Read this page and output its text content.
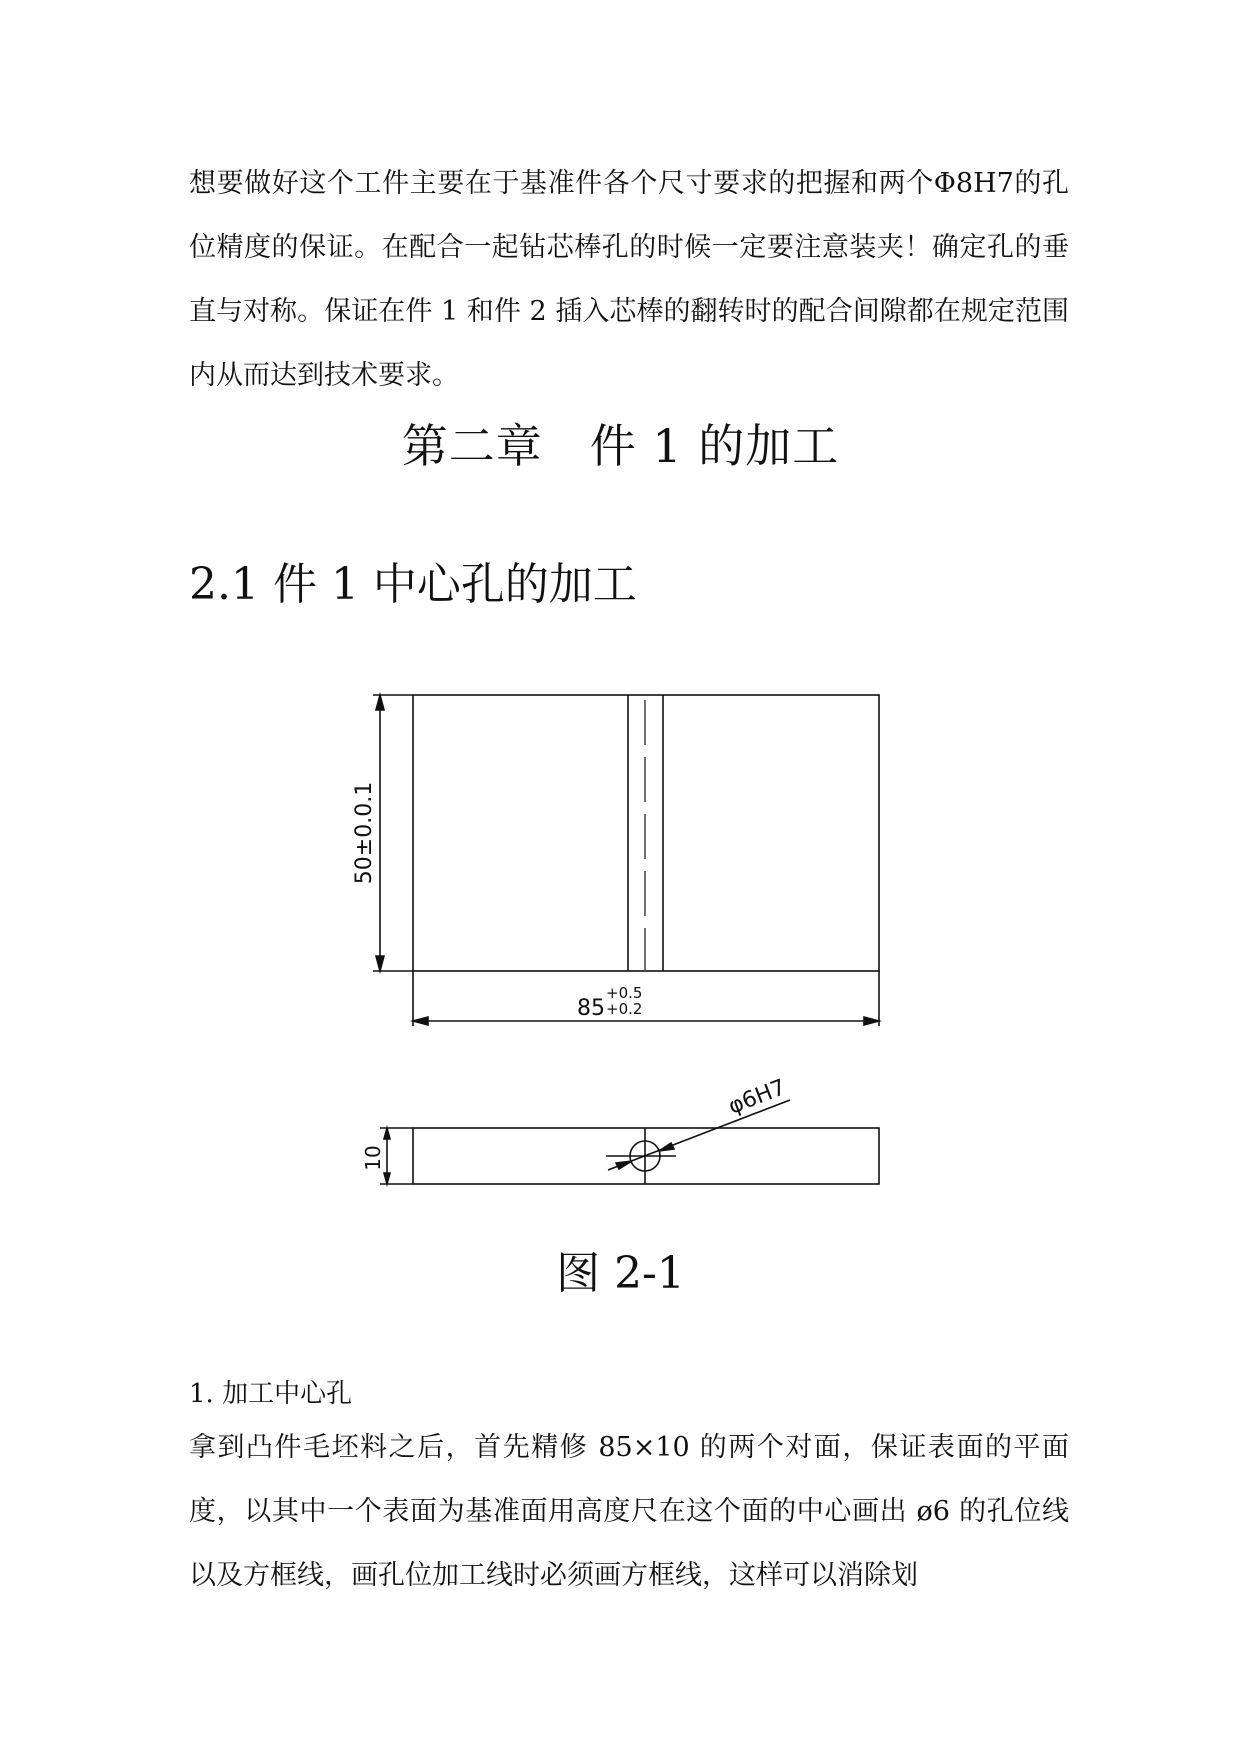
想要做好这个工件主要在于基准件各个尺寸要求的把握和两个Φ8H7的孔位精度的保证。在配合一起钻芯棒孔的时候一定要注意装夹！确定孔的垂直与对称。保证在件 1 和件 2 插入芯棒的翻转时的配合间隙都在规定范围内从而达到技术要求。
第二章　件 1 的加工
2.1 件 1 中心孔的加工
50±0.0.1
85
+0.5
+0.2
10
φ6H7
图 2-1
1. 加工中心孔
拿到凸件毛坯料之后，首先精修 85×10 的两个对面，保证表面的平面度，以其中一个表面为基准面用高度尺在这个面的中心画出 ø6 的孔位线以及方框线，画孔位加工线时必须画方框线，这样可以消除划
